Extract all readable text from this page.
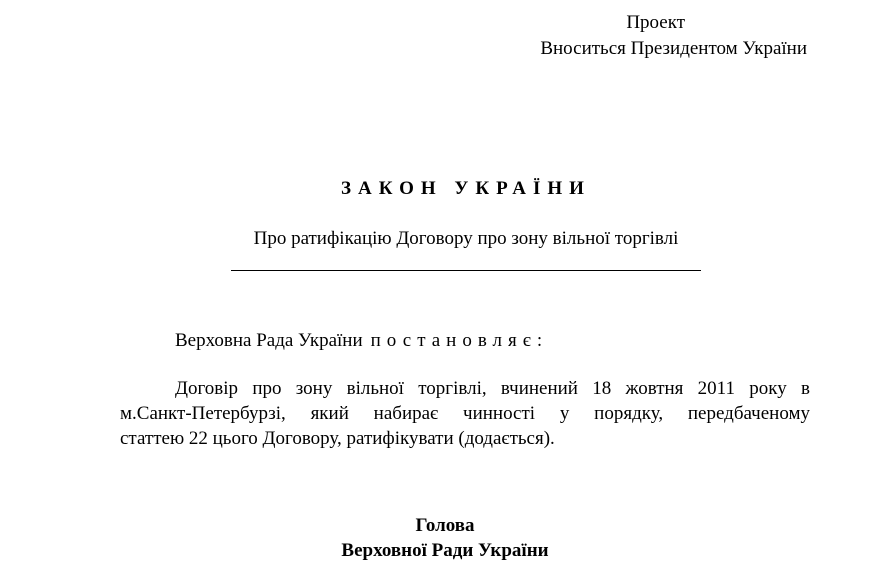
Проект
Вноситься Президентом України
ЗАКОН УКРАЇНИ
Про ратифікацію Договору про зону вільної торгівлі
Верховна Рада України постановляє:
Договір про зону вільної торгівлі, вчинений 18 жовтня 2011 року в
м.Санкт-Петербурзі, який набирає чинності у порядку, передбаченому
статтею 22 цього Договору, ратифікувати (додається).
Голова
Верховної Ради України
